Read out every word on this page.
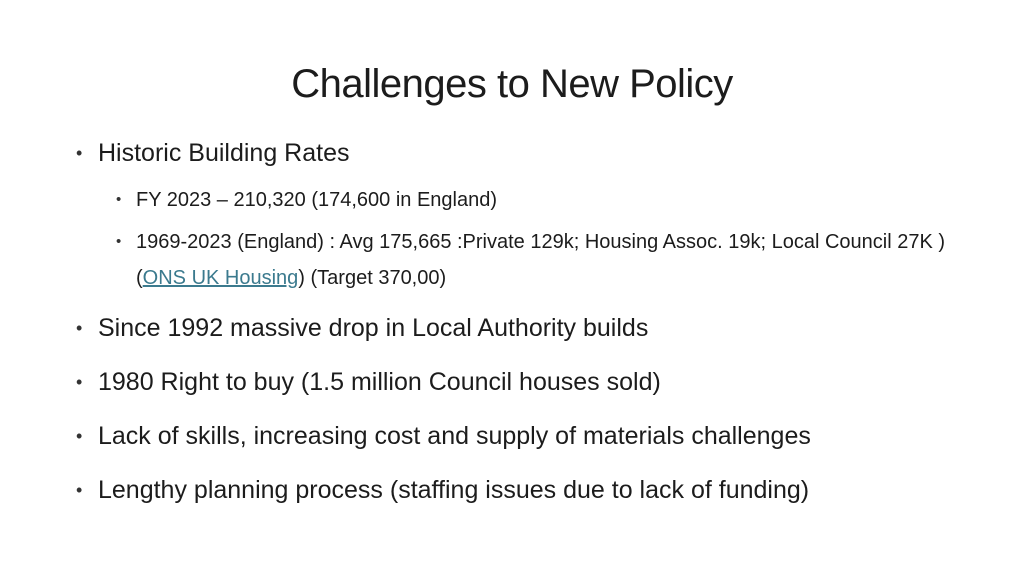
Challenges to New Policy
• Historic Building Rates
• FY 2023 – 210,320 (174,600 in England)
• 1969-2023 (England) : Avg 175,665 :Private 129k; Housing Assoc. 19k; Local Council 27K ) (ONS UK Housing) (Target 370,00)
• Since 1992 massive drop in Local Authority builds
• 1980 Right to buy (1.5 million Council houses sold)
• Lack of skills, increasing cost and supply of materials challenges
• Lengthy planning process (staffing issues due to lack of funding)
